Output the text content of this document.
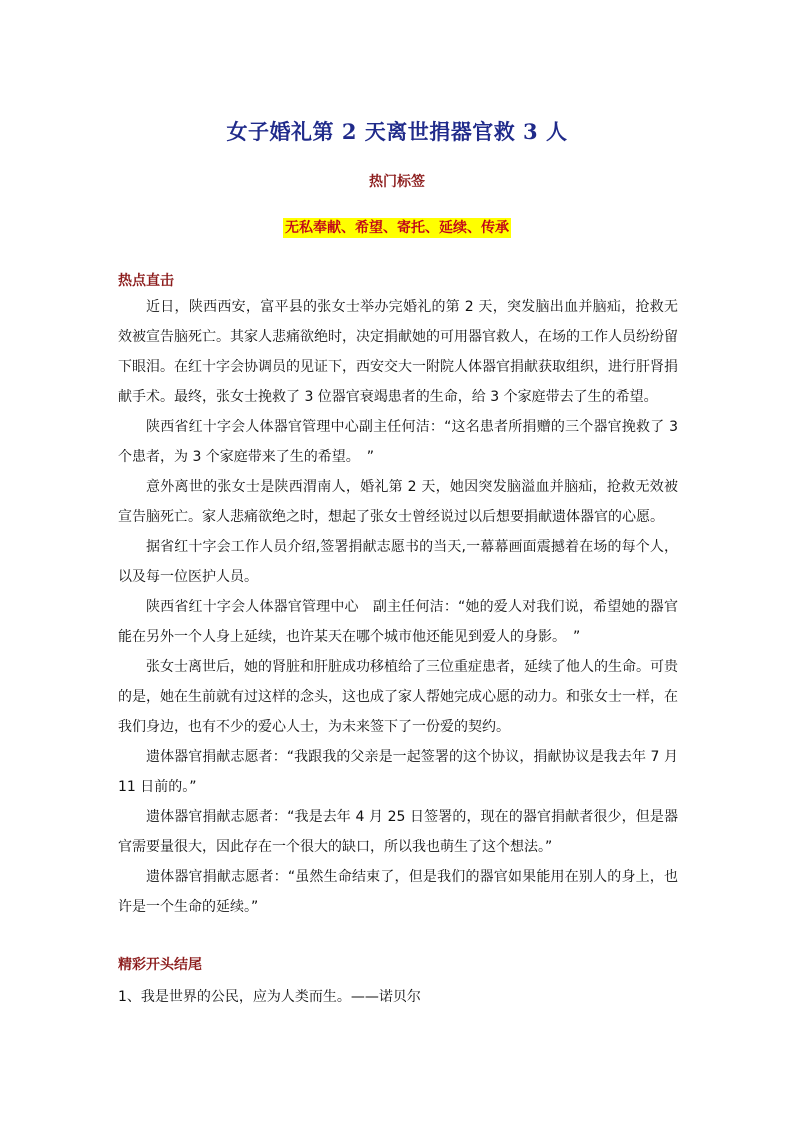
女子婚礼第 2 天离世捐器官救 3 人
热门标签
无私奉献、希望、寄托、延续、传承
热点直击

近日，陕西西安，富平县的张女士举办完婚礼的第 2 天，突发脑出血并脑疝，抢救无效被宣告脑死亡。其家人悲痛欲绝时，决定捐献她的可用器官救人，在场的工作人员纷纷留下眼泪。在红十字会协调员的见证下，西安交大一附院人体器官捐献获取组织，进行肝肾捐献手术。最终，张女士挽救了 3 位器官衰竭患者的生命，给 3 个家庭带去了生的希望。

陕西省红十字会人体器官管理中心副主任何洁：“这名患者所捐赠的三个器官挽救了 3 个患者，为 3 个家庭带来了生的希望。　”

意外离世的张女士是陕西渭南人，婚礼第 2 天，她因突发脑溢血并脑疝，抢救无效被宣告脑死亡。家人悲痛欲绝之时，想起了张女士曾经说过以后想要捐献遗体器官的心愿。

据省红十字会工作人员介绍,签署捐献志愿书的当天,一幕幕画面震撼着在场的每个人，以及每一位医护人员。

陕西省红十字会人体器官管理中心　副主任何洁：“她的爱人对我们说，希望她的器官能在另外一个人身上延续，也许某天在哪个城市他还能见到爱人的身影。　”

张女士离世后，她的肾脏和肝脏成功移植给了三位重症患者，延续了他人的生命。可贵的是，她在生前就有过这样的念头，这也成了家人帮她完成心愿的动力。和张女士一样，在我们身边，也有不少的爱心人士，为未来签下了一份爱的契约。

遗体器官捐献志愿者：“我跟我的父亲是一起签署的这个协议，捐献协议是我去年 7 月 11 日前的。”

遗体器官捐献志愿者：“我是去年 4 月 25 日签署的，现在的器官捐献者很少，但是器官需要量很大，因此存在一个很大的缺口，所以我也萌生了这个想法。”

遗体器官捐献志愿者：“虽然生命结束了，但是我们的器官如果能用在别人的身上，也许是一个生命的延续。”

精彩开头结尾
1、我是世界的公民，应为人类而生。——诺贝尔
